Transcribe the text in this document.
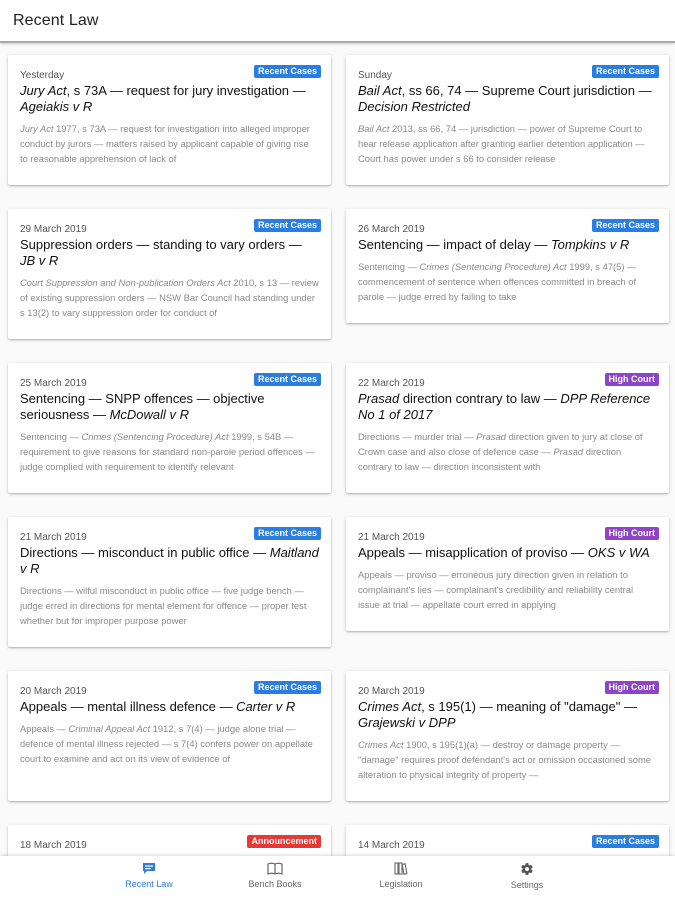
Recent Law
Yesterday	Recent Cases
Jury Act, s 73A — request for jury investigation — Ageiakis v R
Jury Act 1977, s 73A — request for investigation into alleged improper conduct by jurors — matters raised by applicant capable of giving rise to reasonable apprehension of lack of
29 March 2019	Recent Cases
Suppression orders — standing to vary orders — JB v R
Court Suppression and Non-publication Orders Act 2010, s 13 — review of existing suppression orders — NSW Bar Council had standing under s 13(2) to vary suppression order for conduct of
25 March 2019	Recent Cases
Sentencing — SNPP offences — objective seriousness — McDowall v R
Sentencing — Crimes (Sentencing Procedure) Act 1999, s 54B — requirement to give reasons for standard non-parole period offences — judge complied with requirement to identify relevant
21 March 2019	Recent Cases
Directions — misconduct in public office — Maitland v R
Directions — wilful misconduct in public office — five judge bench — judge erred in directions for mental element for offence — proper test whether but for improper purpose power
20 March 2019	Recent Cases
Appeals — mental illness defence — Carter v R
Appeals — Criminal Appeal Act 1912, s 7(4) — judge alone trial — defence of mental illness rejected — s 7(4) confers power on appellate court to examine and act on its view of evidence of
18 March 2019	Announcement
Sunday	Recent Cases
Bail Act, ss 66, 74 — Supreme Court jurisdiction — Decision Restricted
Bail Act 2013, ss 66, 74 — jurisdiction — power of Supreme Court to hear release application after granting earlier detention application — Court has power under s 66 to consider release
26 March 2019	Recent Cases
Sentencing — impact of delay — Tompkins v R
Sentencing — Crimes (Sentencing Procedure) Act 1999, s 47(5) — commencement of sentence when offences committed in breach of parole — judge erred by failing to take
22 March 2019	High Court
Prasad direction contrary to law — DPP Reference No 1 of 2017
Directions — murder trial — Prasad direction given to jury at close of Crown case and also close of defence case — Prasad direction contrary to law — direction inconsistent with
21 March 2019	High Court
Appeals — misapplication of proviso — OKS v WA
Appeals — proviso — erroneous jury direction given in relation to complainant's lies — complainant's credibility and reliability central issue at trial — appellate court erred in applying
20 March 2019	High Court
Crimes Act, s 195(1) — meaning of "damage" — Grajewski v DPP
Crimes Act 1900, s 195(1)(a) — destroy or damage property — "damage" requires proof defendant's act or omission occasioned some alteration to physical integrity of property —
14 March 2019	Recent Cases
Recent Law	Bench Books	Legislation	Settings
